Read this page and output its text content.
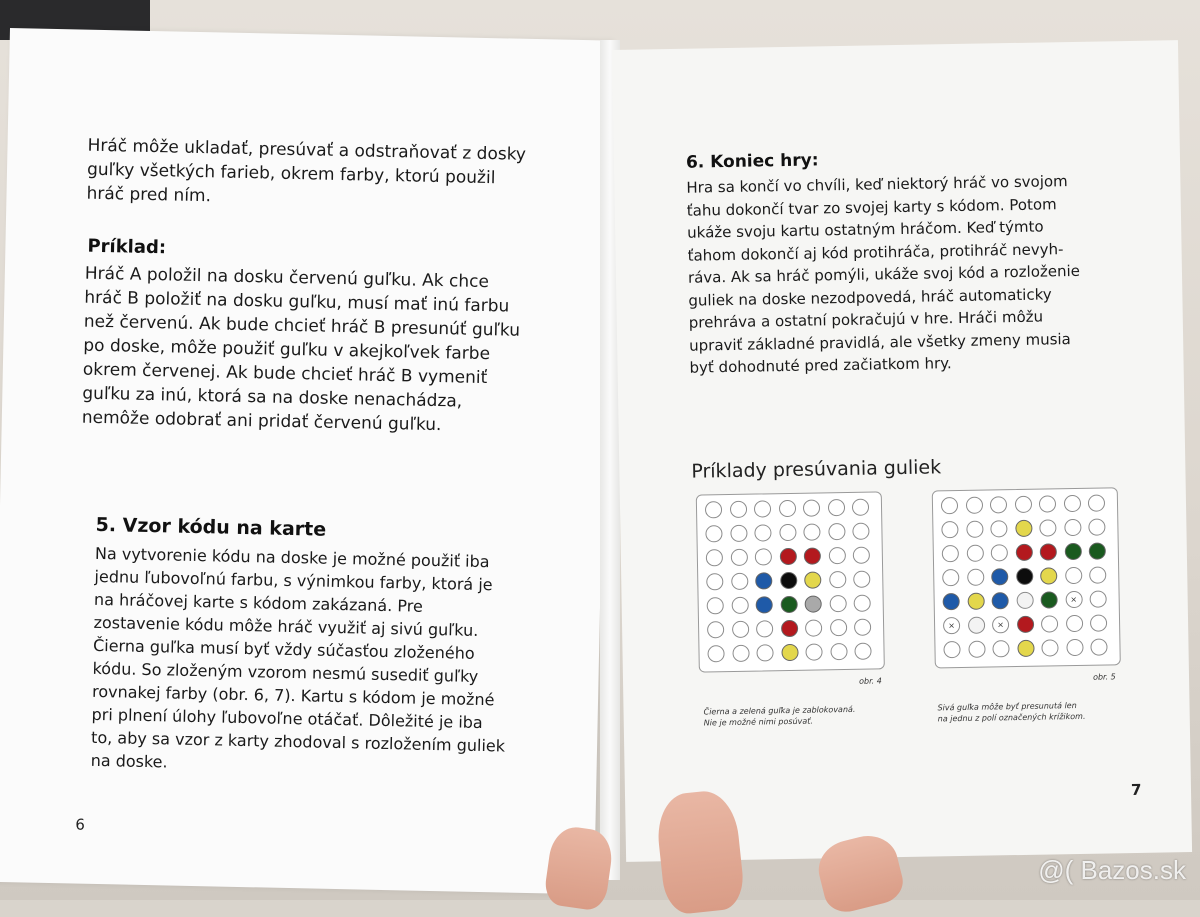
Hráč môže ukladať, presúvať a odstraňovať z dosky
guľky všetkých farieb, okrem farby, ktorú použil
hráč pred ním.
Príklad:
Hráč A položil na dosku červenú guľku. Ak chce
hráč B položiť na dosku guľku, musí mať inú farbu
než červenú. Ak bude chcieť hráč B presunúť guľku
po doske, môže použiť guľku v akejkoľvek farbe
okrem červenej. Ak bude chcieť hráč B vymeniť
guľku za inú, ktorá sa na doske nenachádza,
nemôže odobrať ani pridať červenú guľku.
5. Vzor kódu na karte
Na vytvorenie kódu na doske je možné použiť iba
jednu ľubovoľnú farbu, s výnimkou farby, ktorá je
na hráčovej karte s kódom zakázaná. Pre
zostavenie kódu môže hráč využiť aj sivú guľku.
Čierna guľka musí byť vždy súčasťou zloženého
kódu. So zloženým vzorom nesmú susediť guľky
rovnakej farby (obr. 6, 7). Kartu s kódom je možné
pri plnení úlohy ľubovoľne otáčať. Dôležité je iba
to, aby sa vzor z karty zhodoval s rozložením guliek
na doske.
6
6. Koniec hry:
Hra sa končí vo chvíli, keď niektorý hráč vo svojom
ťahu dokončí tvar zo svojej karty s kódom. Potom
ukáže svoju kartu ostatným hráčom. Keď týmto
ťahom dokončí aj kód protihráča, protihráč nevyh-
ráva. Ak sa hráč pomýli, ukáže svoj kód a rozloženie
guliek na doske nezodpovedá, hráč automaticky
prehráva a ostatní pokračujú v hre. Hráči môžu
upraviť základné pravidlá, ale všetky zmeny musia
byť dohodnuté pred začiatkom hry.
Príklady presúvania guliek
obr. 4
Čierna a zelená guľka je zablokovaná.
Nie je možné nimi posúvať.
×
×	×
obr. 5
Sivá guľka môže byť presunutá len
na jednu z polí označených krížikom.
7
@( Bazos.sk
